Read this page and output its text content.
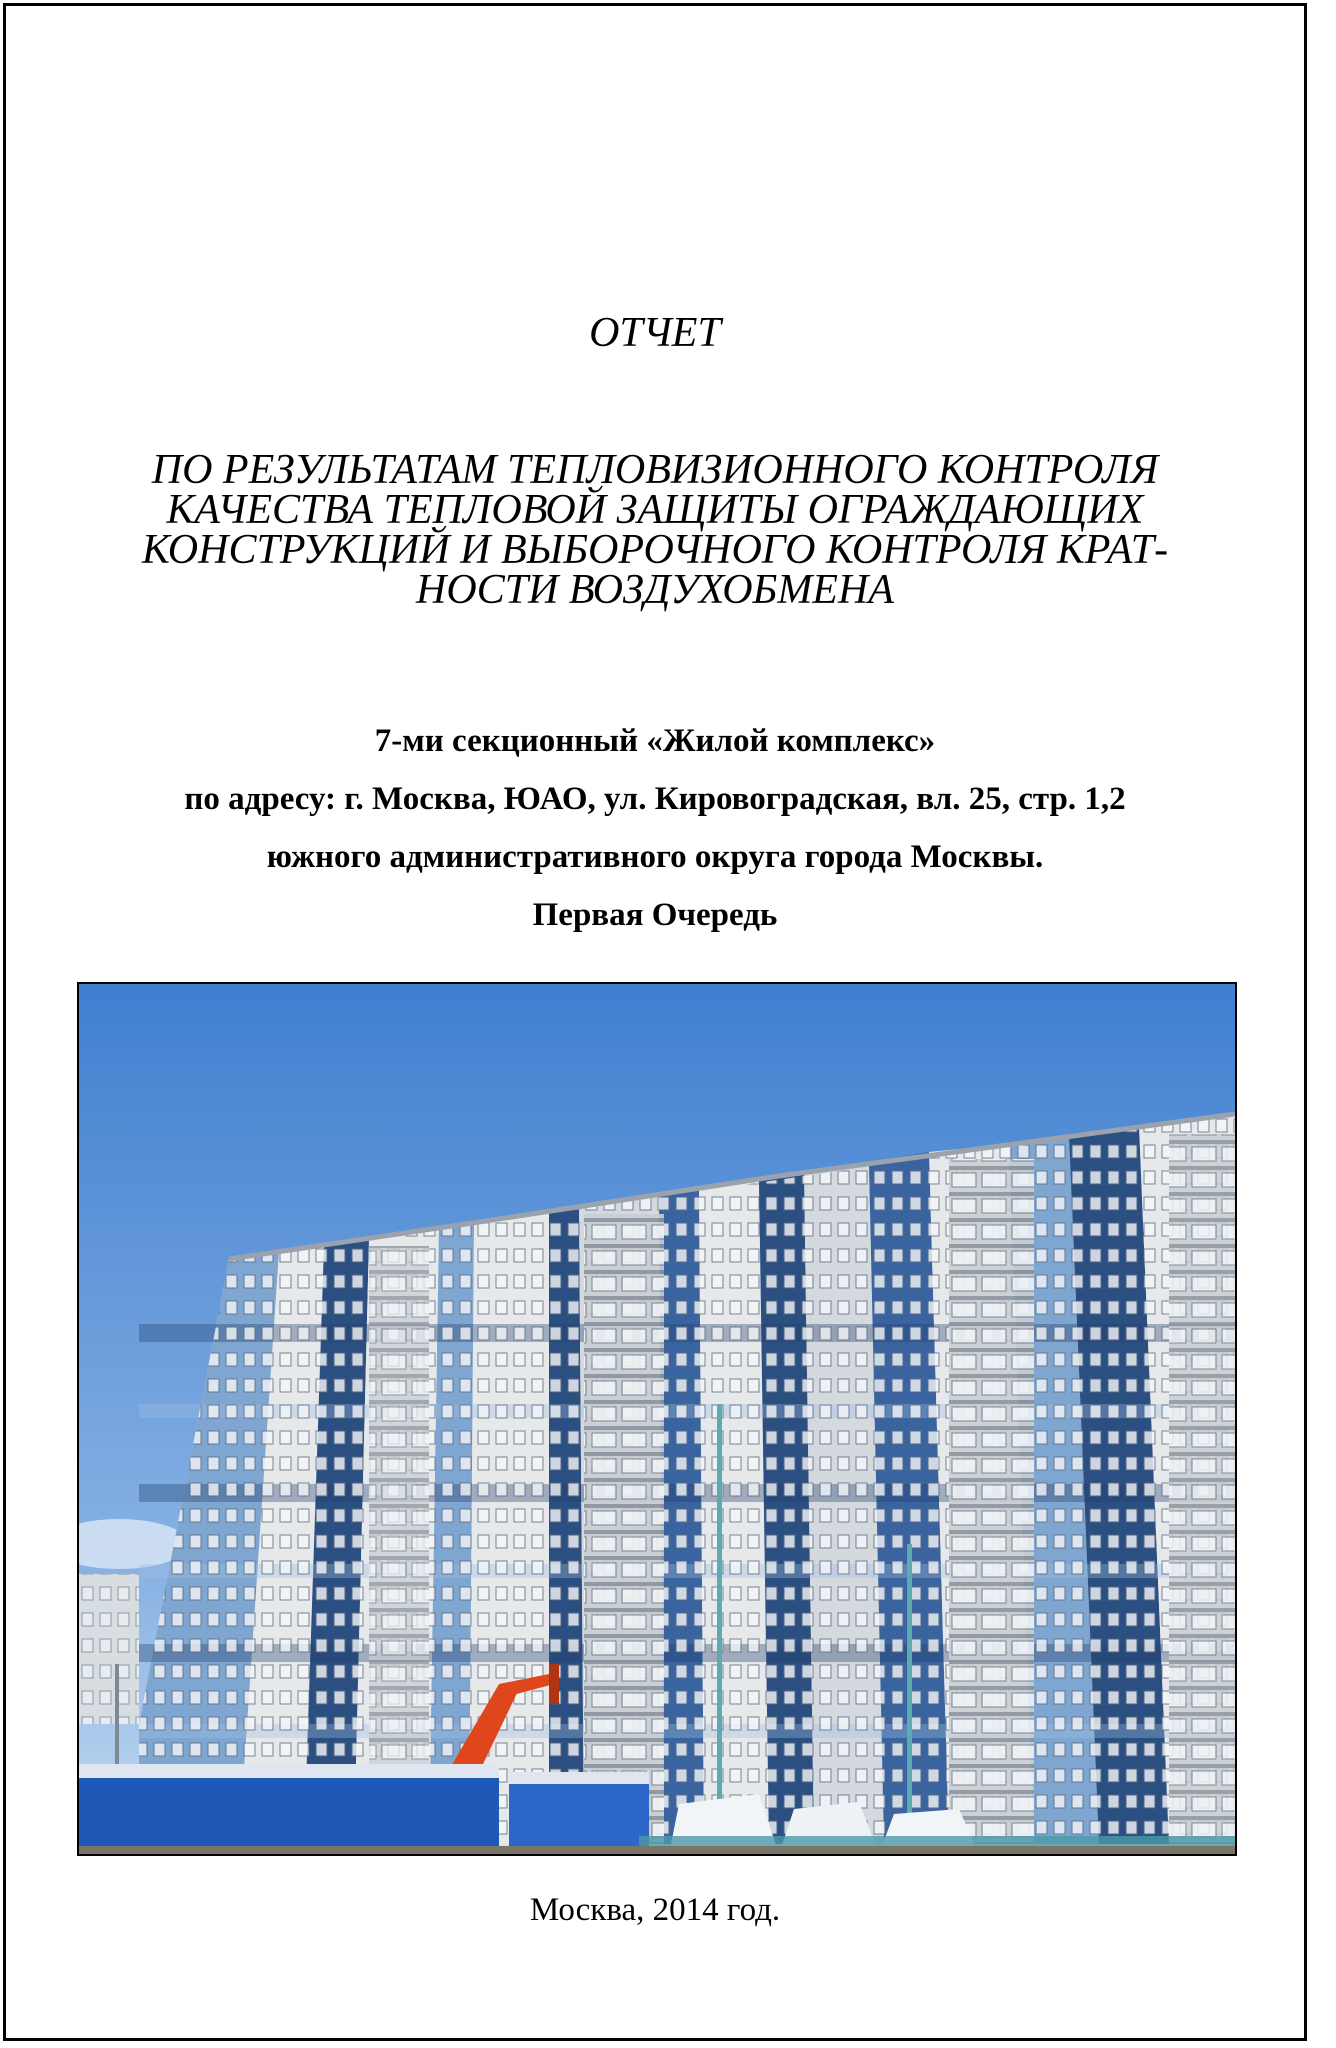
ОТЧЕТ
ПО РЕЗУЛЬТАТАМ ТЕПЛОВИЗИОННОГО КОНТРОЛЯ
КАЧЕСТВА ТЕПЛОВОЙ ЗАЩИТЫ ОГРАЖДАЮЩИХ
КОНСТРУКЦИЙ И ВЫБОРОЧНОГО КОНТРОЛЯ КРАТ-
НОСТИ ВОЗДУХОБМЕНА
7-ми секционный «Жилой комплекс»
по адресу: г. Москва, ЮАО, ул. Кировоградская, вл. 25, стр. 1,2
южного административного округа города Москвы.
Первая Очередь
Москва, 2014 год.
